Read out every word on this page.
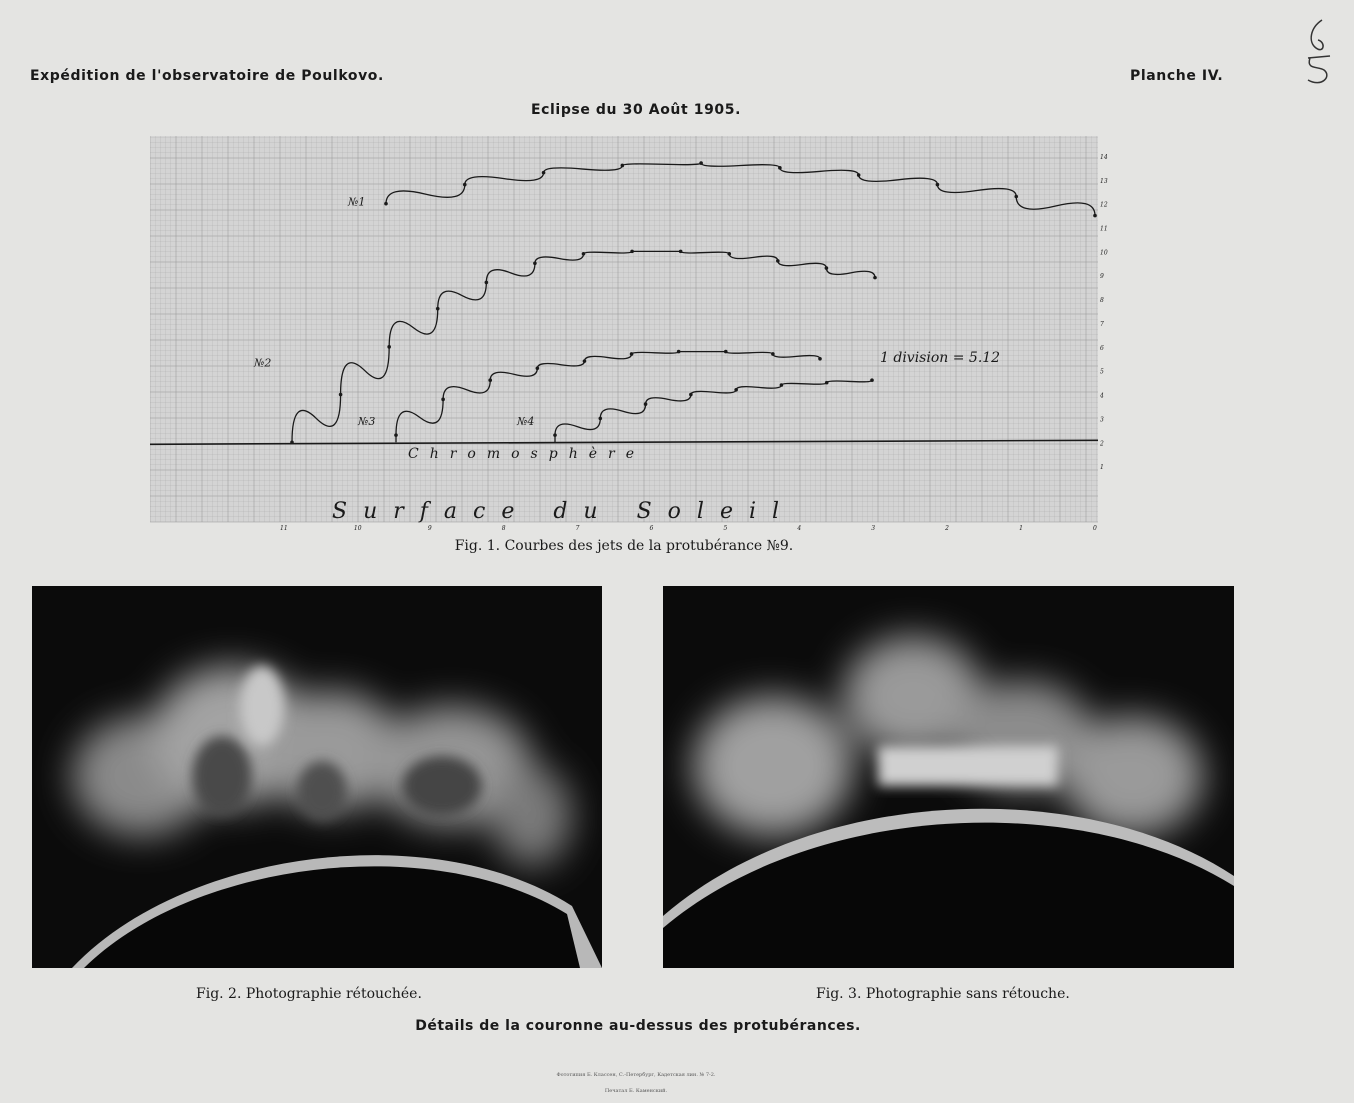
Expédition de l'observatoire de Poulkovo.	Planche IV.
Eclipse du 30 Août 1905.
№1
№2
№3	№4
1
2
3
4
5
6
7
8
9
10
11
12
13
14
11	10	9	8	7	6	5	4	3	2	1	0
1 division = 5.12
Chromosphère
Surface du Soleil
Fig. 1. Courbes des jets de la protubérance №9.
Fig. 2. Photographie rétouchée.	Fig. 3. Photographie sans rétouche.
Détails de la couronne au-dessus des protubérances.
Фототипия Б. Классен, С.-Петербург, Кадетская лин. № 7-2.
Печатал Б. Каменский.
